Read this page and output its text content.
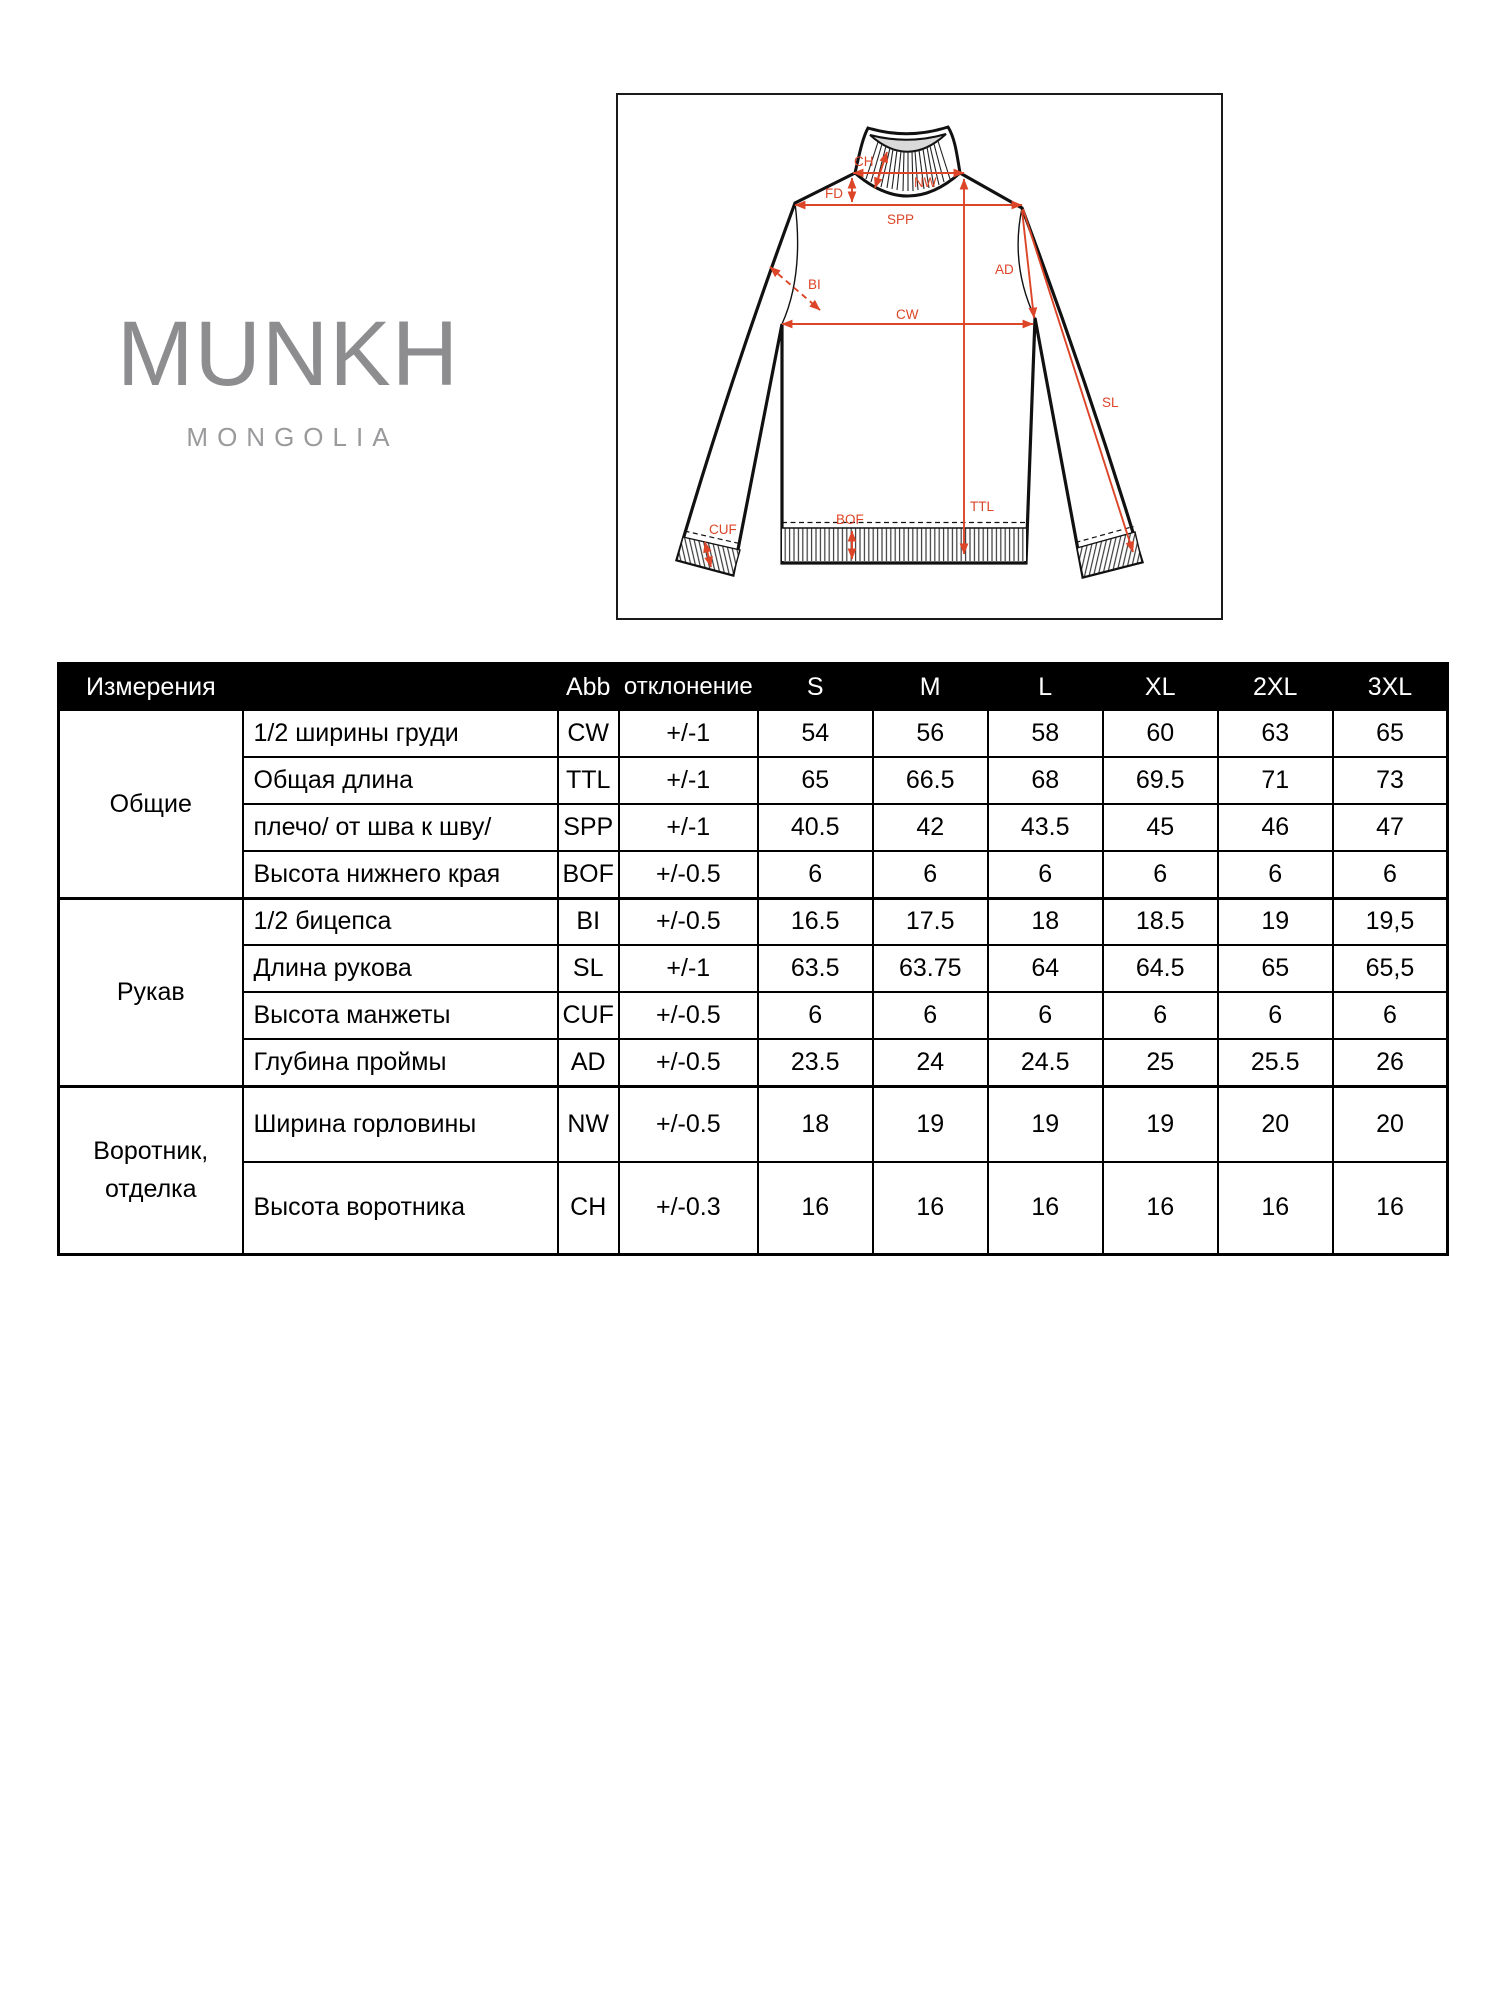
MUNKH
MONGOLIA
CH
NW
FD
SPP
BI
CW
AD
SL
TTL
BOF
CUF
Измерения		Abb	отклонение	S	M	L	XL	2XL	3XL
Общие	1/2 ширины груди	CW	+/-1	54	56	58	60	63	65
	Общая длина	TTL	+/-1	65	66.5	68	69.5	71	73
	плечо/ от шва к шву/	SPP	+/-1	40.5	42	43.5	45	46	47
	Высота нижнего края	BOF	+/-0.5	6	6	6	6	6	6
Рукав	1/2 бицепса	BI	+/-0.5	16.5	17.5	18	18.5	19	19,5
	Длина рукова	SL	+/-1	63.5	63.75	64	64.5	65	65,5
	Высота манжеты	CUF	+/-0.5	6	6	6	6	6	6
	Глубина проймы	AD	+/-0.5	23.5	24	24.5	25	25.5	26
Воротник, отделка	Ширина горловины	NW	+/-0.5	18	19	19	19	20	20
	Высота воротника	CH	+/-0.3	16	16	16	16	16	16
